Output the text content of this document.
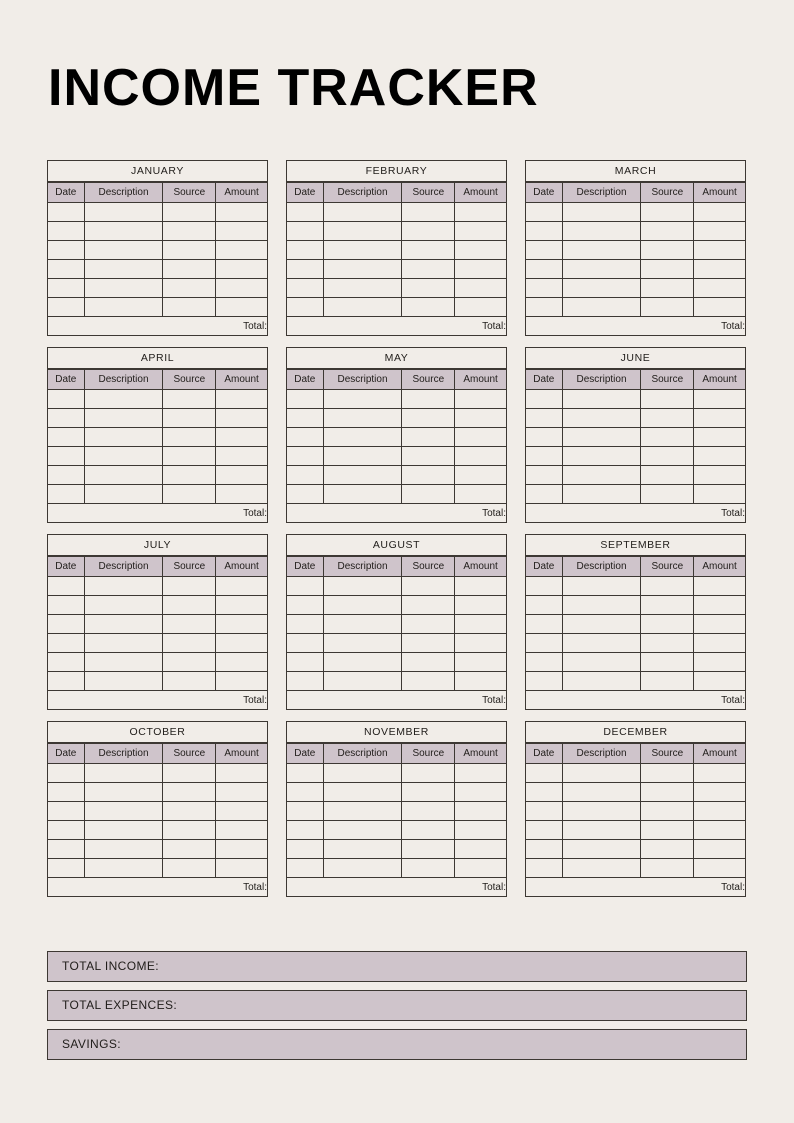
INCOME TRACKER
JANUARY
Date	Description	Source	Amount

			Total:
FEBRUARY
Date	Description	Source	Amount

			Total:
MARCH
Date	Description	Source	Amount

			Total:
APRIL
Date	Description	Source	Amount

			Total:
MAY
Date	Description	Source	Amount

			Total:
JUNE
Date	Description	Source	Amount

			Total:
JULY
Date	Description	Source	Amount

			Total:
AUGUST
Date	Description	Source	Amount

			Total:
SEPTEMBER
Date	Description	Source	Amount

			Total:
OCTOBER
Date	Description	Source	Amount

			Total:
NOVEMBER
Date	Description	Source	Amount

			Total:
DECEMBER
Date	Description	Source	Amount

			Total:
TOTAL INCOME:
TOTAL EXPENCES:
SAVINGS:
